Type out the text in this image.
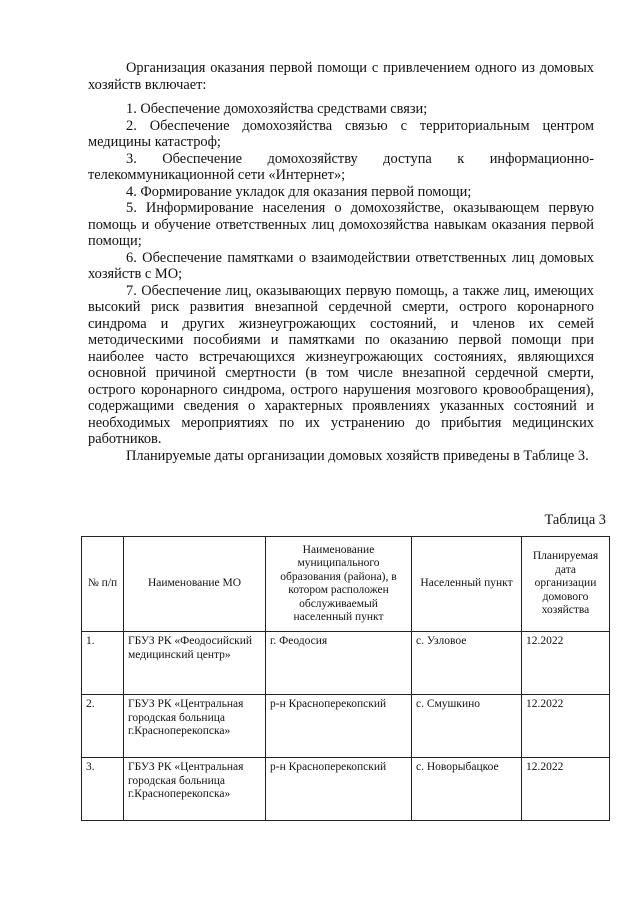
Организация оказания первой помощи с привлечением одного из домовых хозяйств включает:

1. Обеспечение домохозяйства средствами связи;

2. Обеспечение домохозяйства связью с территориальным центром медицины катастроф;

3. Обеспечение домохозяйству доступа к информационно-телекоммуникационной сети «Интернет»;

4. Формирование укладок для оказания первой помощи;

5. Информирование населения о домохозяйстве, оказывающем первую помощь и обучение ответственных лиц домохозяйства навыкам оказания первой помощи;

6. Обеспечение памятками о взаимодействии ответственных лиц домовых хозяйств с МО;

7. Обеспечение лиц, оказывающих первую помощь, а также лиц, имеющих высокий риск развития внезапной сердечной смерти, острого коронарного синдрома и других жизнеугрожающих состояний, и членов их семей методическими пособиями и памятками по оказанию первой помощи при наиболее часто встречающихся жизнеугрожающих состояниях, являющихся основной причиной смертности (в том числе внезапной сердечной смерти, острого коронарного синдрома, острого нарушения мозгового кровообращения), содержащими сведения о характерных проявлениях указанных состояний и необходимых мероприятиях по их устранению до прибытия медицинских работников.

Планируемые даты организации домовых хозяйств приведены в Таблице 3.

Таблица 3
№ п/п	Наименование МО	Наименование муниципального образования (района), в котором расположен обслуживаемый населенный пункт	Населенный пункт	Планируемая дата организации домового хозяйства
1.	ГБУЗ РК «Феодосийский медицинский центр»	г. Феодосия	с. Узловое	12.2022
2.	ГБУЗ РК «Центральная городская больница г.Красноперекопска»	р-н Красноперекопский	с. Смушкино	12.2022
3.	ГБУЗ РК «Центральная городская больница г.Красноперекопска»	р-н Красноперекопский	с. Новорыбацкое	12.2022
